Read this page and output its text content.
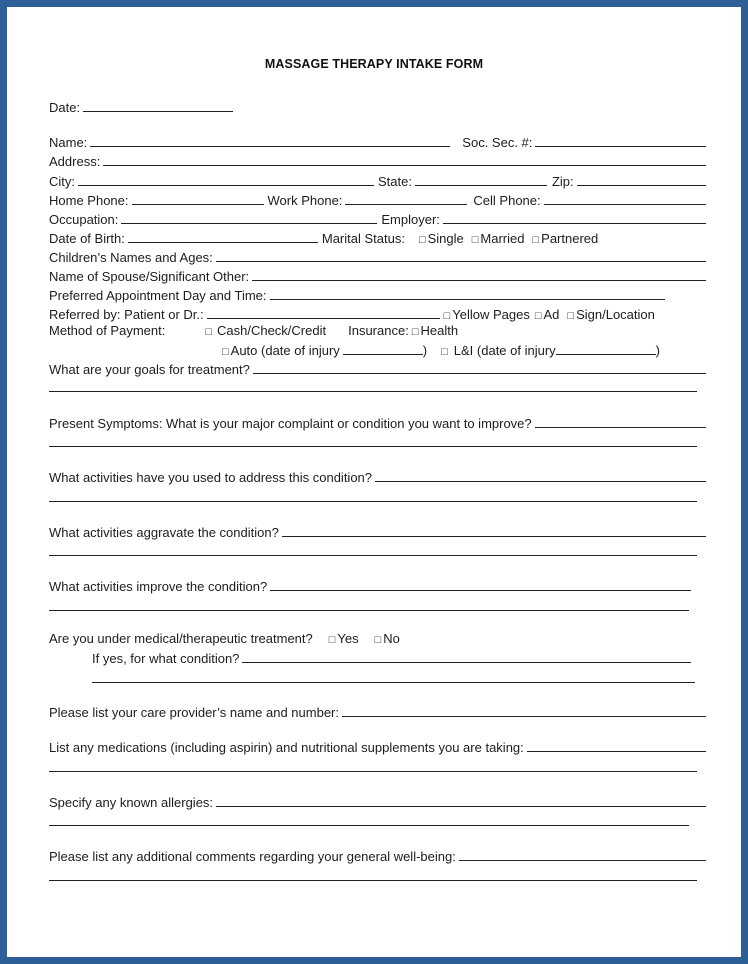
MASSAGE THERAPY INTAKE FORM
Date:
Name:	Soc. Sec. #:
Address:
City:	State:	Zip:
Home Phone:	Work Phone:	Cell Phone:
Occupation:	Employer:
Date of Birth:	Marital Status: □ Single □ Married □ Partnered
Children’s Names and Ages:
Name of Spouse/Significant Other:
Preferred Appointment Day and Time:
Referred by: Patient or Dr.:	□ Yellow Pages □ Ad □ Sign/Location
Method of Payment:	□ Cash/Check/Credit Insurance: □ Health
□ Auto (date of injury	) □ L&I (date of injury	)
What are your goals for treatment?
Present Symptoms: What is your major complaint or condition you want to improve?
What activities have you used to address this condition?
What activities aggravate the condition?
What activities improve the condition?
Are you under medical/therapeutic treatment? □ Yes □ No
If yes, for what condition?
Please list your care provider’s name and number:
List any medications (including aspirin) and nutritional supplements you are taking:
Specify any known allergies:
Please list any additional comments regarding your general well-being:
